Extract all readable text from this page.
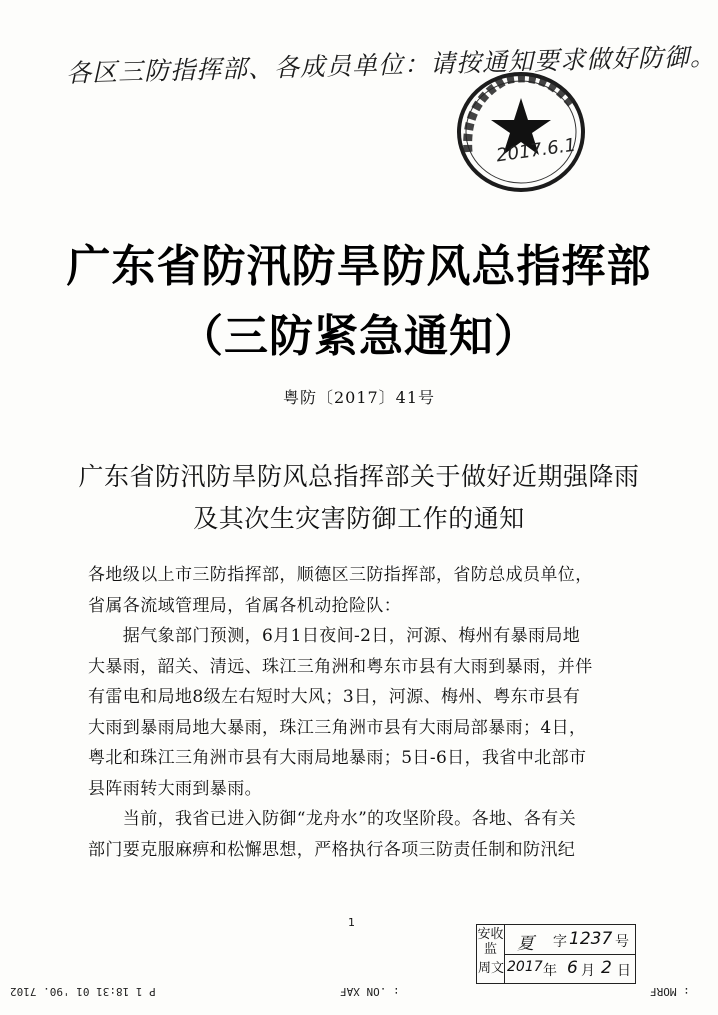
各区三防指挥部、各成员单位：请按通知要求做好防御。
2017.6.1
广东省防汛防旱防风总指挥部
（三防紧急通知）
粤防〔2017〕41号
广东省防汛防旱防风总指挥部关于做好近期强降雨
及其次生灾害防御工作的通知
各地级以上市三防指挥部，顺德区三防指挥部，省防总成员单位，
省属各流域管理局，省属各机动抢险队：
　　据气象部门预测，6月1日夜间-2日，河源、梅州有暴雨局地
大暴雨，韶关、清远、珠江三角洲和粤东市县有大雨到暴雨，并伴
有雷电和局地8级左右短时大风；3日，河源、梅州、粤东市县有
大雨到暴雨局地大暴雨，珠江三角洲市县有大雨局部暴雨；4日，
粤北和珠江三角洲市县有大雨局地暴雨；5日-6日，我省中北部市
县阵雨转大雨到暴雨。
　　当前，我省已进入防御“龙舟水”的攻坚阶段。各地、各有关
部门要克服麻痹和松懈思想，严格执行各项三防责任制和防汛纪
1
安收监
周文
夏 字 1237 号
2017 年 6 月 2 日
P 1 18:31 01 '90. 7102	: .ON XAF	: MORF
